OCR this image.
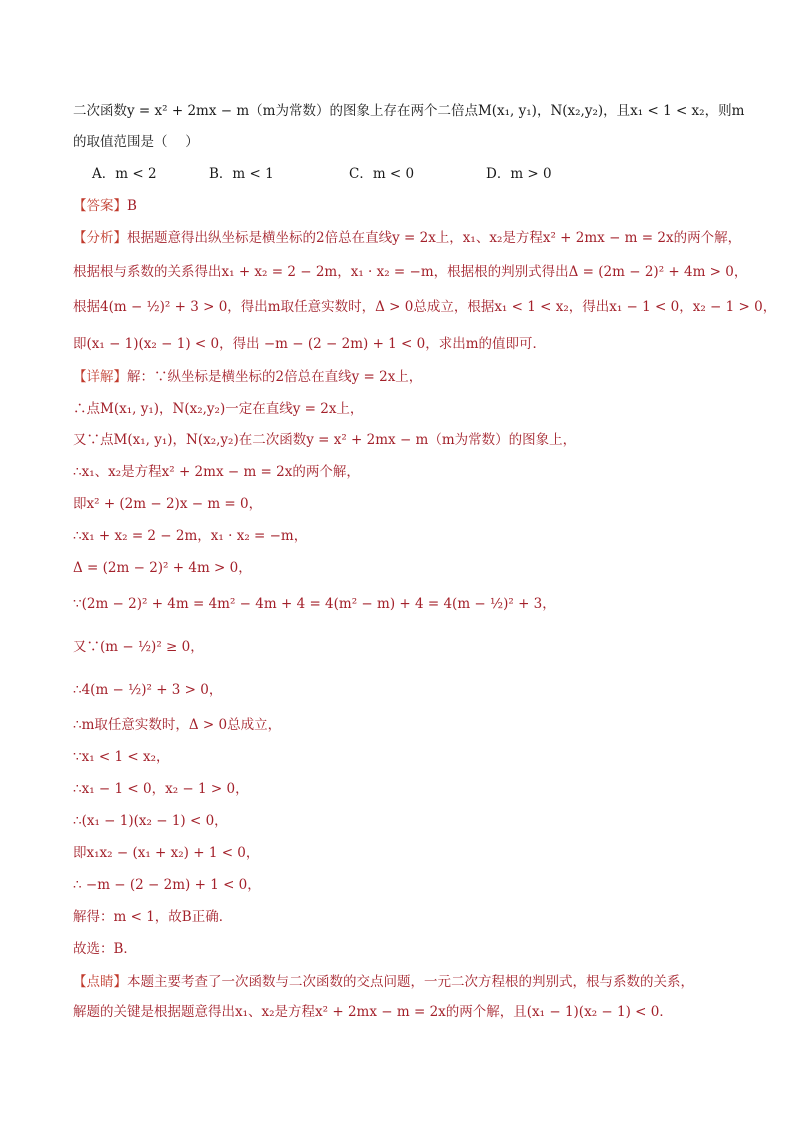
二次函数y = x² + 2mx − m（m为常数）的图象上存在两个二倍点M(x₁, y₁)，N(x₂,y₂)，且x₁ < 1 < x₂，则m
的取值范围是（　 ）
A．m < 2	B．m < 1	C．m < 0	D．m > 0
【答案】B
【分析】根据题意得出纵坐标是横坐标的2倍总在直线y = 2x上，x₁、x₂是方程x² + 2mx − m = 2x的两个解，
根据根与系数的关系得出x₁ + x₂ = 2 − 2m，x₁ · x₂ = −m，根据根的判别式得出Δ = (2m − 2)² + 4m > 0，
根据4(m − ½)² + 3 > 0，得出m取任意实数时，Δ > 0总成立，根据x₁ < 1 < x₂，得出x₁ − 1 < 0，x₂ − 1 > 0，
即(x₁ − 1)(x₂ − 1) < 0，得出 −m − (2 − 2m) + 1 < 0，求出m的值即可．
【详解】解：∵纵坐标是横坐标的2倍总在直线y = 2x上，
∴点M(x₁, y₁)，N(x₂,y₂)一定在直线y = 2x上，
又∵点M(x₁, y₁)，N(x₂,y₂)在二次函数y = x² + 2mx − m（m为常数）的图象上，
∴x₁、x₂是方程x² + 2mx − m = 2x的两个解，
即x² + (2m − 2)x − m = 0，
∴x₁ + x₂ = 2 − 2m，x₁ · x₂ = −m，
Δ = (2m − 2)² + 4m > 0，
∵(2m − 2)² + 4m = 4m² − 4m + 4 = 4(m² − m) + 4 = 4(m − ½)² + 3，
又∵(m − ½)² ≥ 0，
∴4(m − ½)² + 3 > 0，
∴m取任意实数时，Δ > 0总成立，
∵x₁ < 1 < x₂，
∴x₁ − 1 < 0，x₂ − 1 > 0，
∴(x₁ − 1)(x₂ − 1) < 0，
即x₁x₂ − (x₁ + x₂) + 1 < 0，
∴ −m − (2 − 2m) + 1 < 0，
解得：m < 1，故B正确．
故选：B．
【点睛】本题主要考查了一次函数与二次函数的交点问题，一元二次方程根的判别式，根与系数的关系，
解题的关键是根据题意得出x₁、x₂是方程x² + 2mx − m = 2x的两个解，且(x₁ − 1)(x₂ − 1) < 0．
